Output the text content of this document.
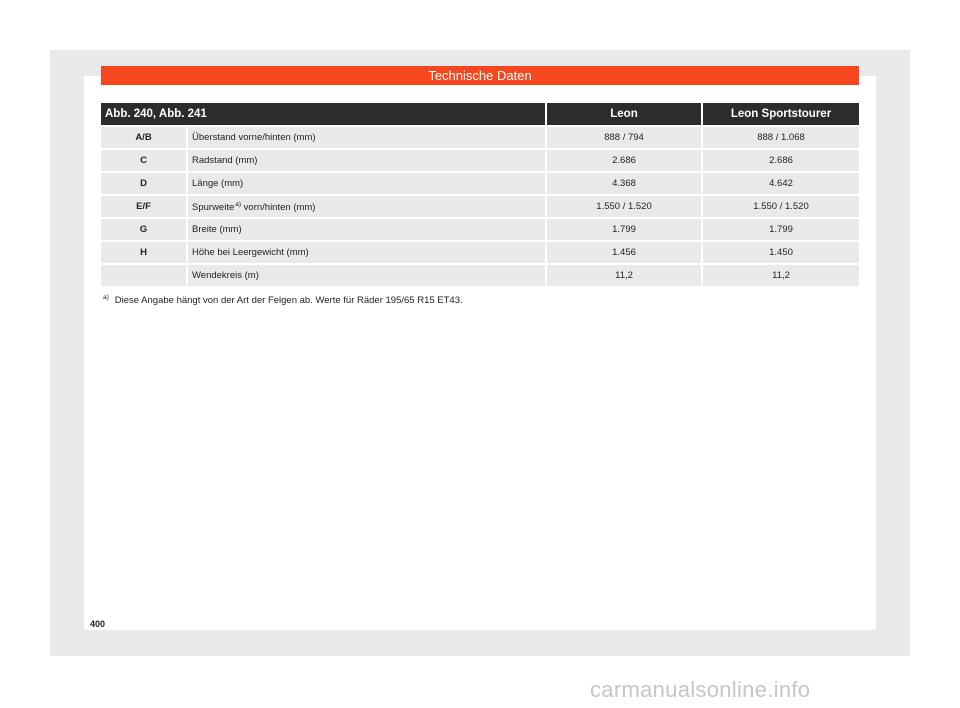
Technische Daten
Abb. 240, Abb. 241		Leon	Leon Sportstourer
A/B	Überstand vorne/hinten (mm)	888 / 794	888 / 1.068
C	Radstand (mm)	2.686	2.686
D	Länge (mm)	4.368	4.642
E/F	Spurweite$^{a)}$ vorn/hinten (mm)	1.550 / 1.520	1.550 / 1.520
G	Breite (mm)	1.799	1.799
H	Höhe bei Leergewicht (mm)	1.456	1.450
	Wendekreis (m)	11,2	11,2
$^{a)}$ Diese Angabe hängt von der Art der Felgen ab. Werte für Räder 195/65 R15 ET43.
400
carmanualsonline.info
